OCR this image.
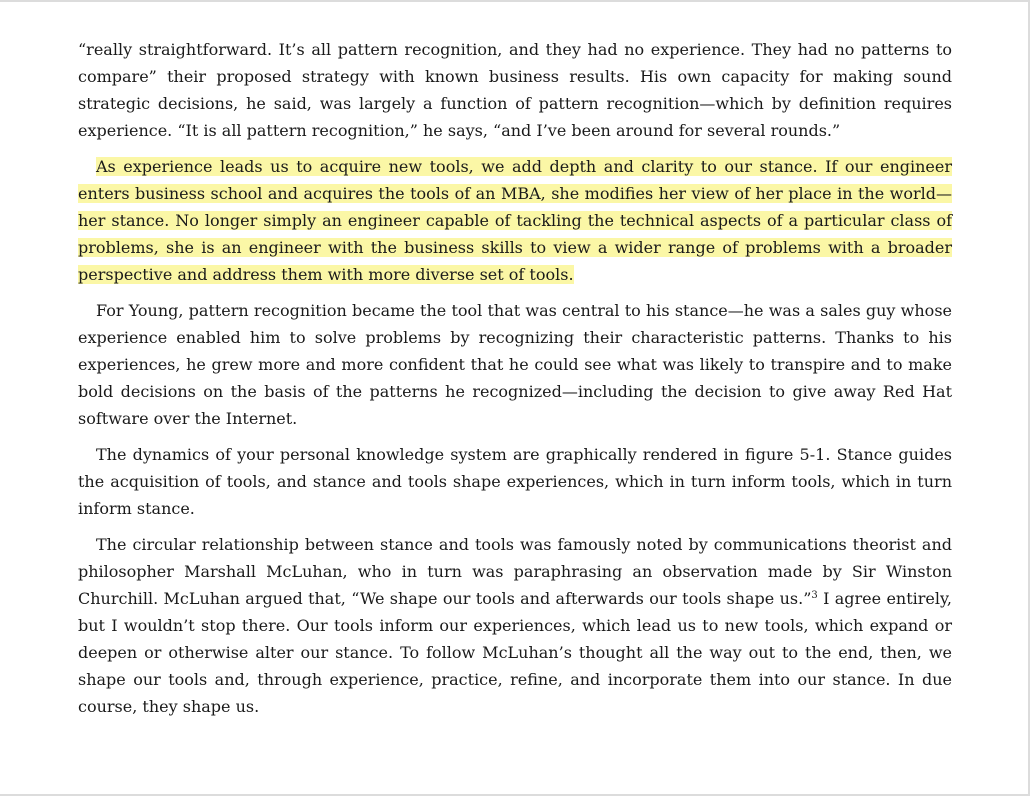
“really straightforward. It’s all pattern recognition, and they had no experience. They had no patterns to compare” their proposed strategy with known business results. His own capacity for making sound strategic decisions, he said, was largely a function of pattern recognition—which by definition requires experience. “It is all pattern recognition,” he says, “and I’ve been around for several rounds.”

As experience leads us to acquire new tools, we add depth and clarity to our stance. If our engineer enters business school and acquires the tools of an MBA, she modifies her view of her place in the world—her stance. No longer simply an engineer capable of tackling the technical aspects of a particular class of problems, she is an engineer with the business skills to view a wider range of problems with a broader perspective and address them with more diverse set of tools.

For Young, pattern recognition became the tool that was central to his stance—he was a sales guy whose experience enabled him to solve problems by recognizing their characteristic patterns. Thanks to his experiences, he grew more and more confident that he could see what was likely to transpire and to make bold decisions on the basis of the patterns he recognized—including the decision to give away Red Hat software over the Internet.

The dynamics of your personal knowledge system are graphically rendered in figure 5-1. Stance guides the acquisition of tools, and stance and tools shape experiences, which in turn inform tools, which in turn inform stance.

The circular relationship between stance and tools was famously noted by communications theorist and philosopher Marshall McLuhan, who in turn was paraphrasing an observation made by Sir Winston Churchill. McLuhan argued that, “We shape our tools and afterwards our tools shape us.”$^3$ I agree entirely, but I wouldn’t stop there. Our tools inform our experiences, which lead us to new tools, which expand or deepen or otherwise alter our stance. To follow McLuhan’s thought all the way out to the end, then, we shape our tools and, through experience, practice, refine, and incorporate them into our stance. In due course, they shape us.
